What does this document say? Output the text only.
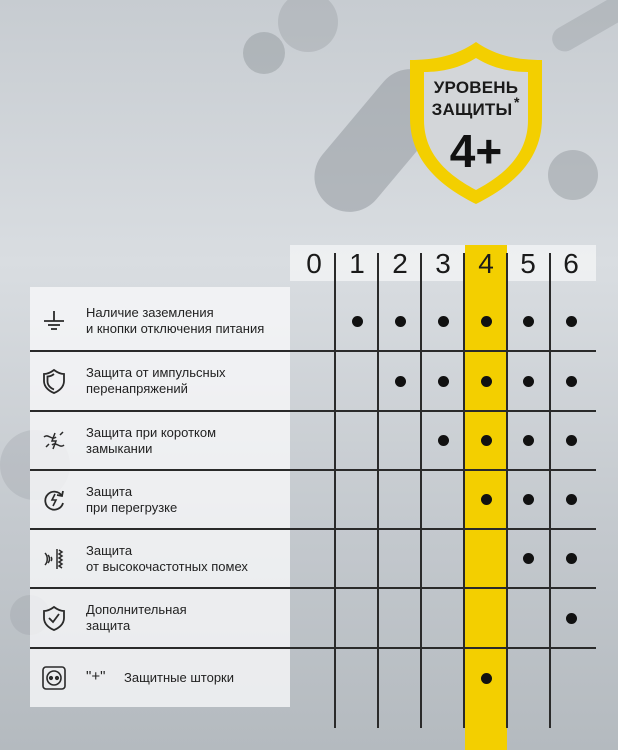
УРОВЕНЬ
ЗАЩИТЫ *
4+
0 1 2 3 4 5 6
Наличие заземления
и кнопки отключения питания
Защита от импульсных
перенапряжений
Защита при коротком
замыкании
Защита
при перегрузке
Защита
от высокочастотных помех
Дополнительная
защита
"+" Защитные шторки
